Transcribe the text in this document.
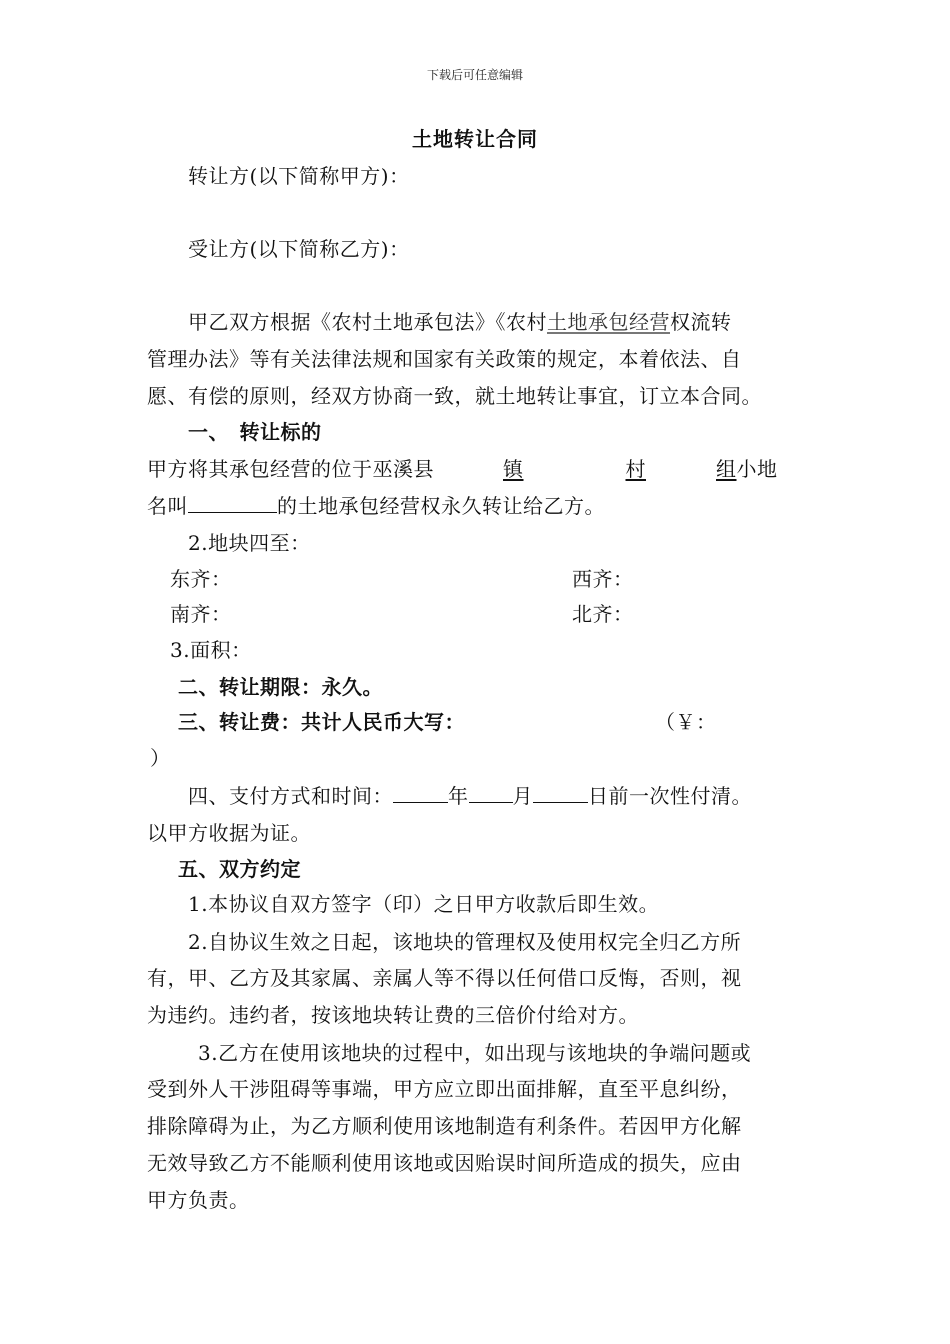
下载后可任意编辑
土地转让合同
转让方(以下简称甲方)：
受让方(以下简称乙方)：
甲乙双方根据《农村土地承包法》《农村土地承包经营权流转
管理办法》等有关法律法规和国家有关政策的规定，本着依法、自
愿、有偿的原则，经双方协商一致，就土地转让事宜，订立本合同。
一、　转让标的
甲方将其承包经营的位于巫溪县	镇	村	组小地
名叫	的土地承包经营权永久转让给乙方。
2.地块四至：
东齐：	西齐：
南齐：	北齐：
3.面积：
二、转让期限：永久。
三、转让费：共计人民币大写：	（￥：
）
四、支付方式和时间：	年 月	日前一次性付清。
以甲方收据为证。
五、双方约定
1.本协议自双方签字（印）之日甲方收款后即生效。
2.自协议生效之日起，该地块的管理权及使用权完全归乙方所
有，甲、乙方及其家属、亲属人等不得以任何借口反悔，否则，视
为违约。违约者，按该地块转让费的三倍价付给对方。
3.乙方在使用该地块的过程中，如出现与该地块的争端问题或
受到外人干涉阻碍等事端，甲方应立即出面排解，直至平息纠纷，
排除障碍为止，为乙方顺利使用该地制造有利条件。若因甲方化解
无效导致乙方不能顺利使用该地或因贻误时间所造成的损失，应由
甲方负责。
